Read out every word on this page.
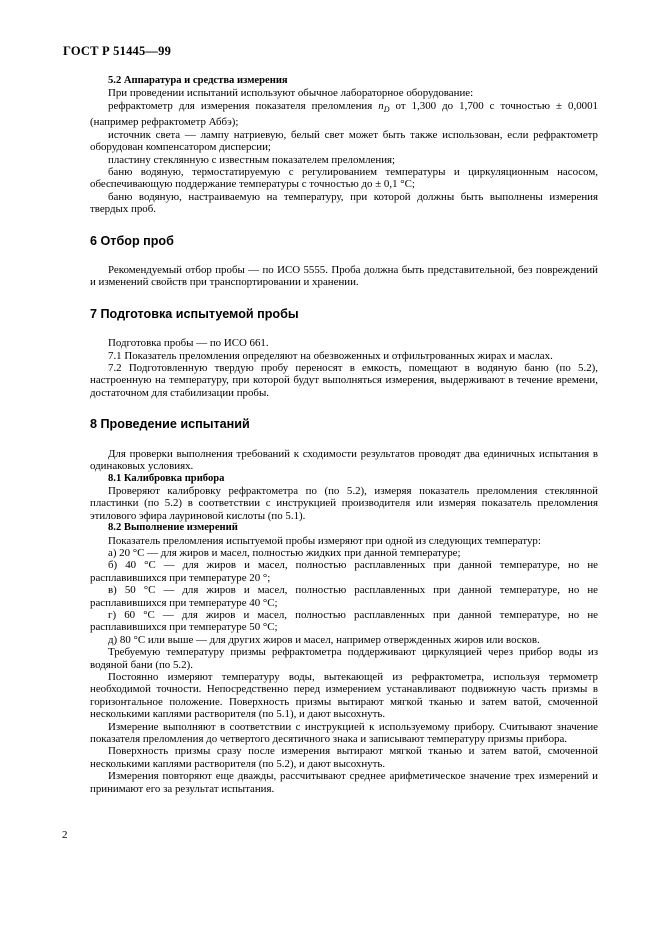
ГОСТ Р 51445—99

5.2 Аппаратура и средства измерения

При проведении испытаний используют обычное лабораторное оборудование:

рефрактометр для измерения показателя преломления $n_D$ от 1,300 до 1,700 с точностью ± 0,0001 (например рефрактометр Аббэ);

источник света — лампу натриевую, белый свет может быть также использован, если рефрактометр оборудован компенсатором дисперсии;

пластину стеклянную с известным показателем преломления;

баню водяную, термостатируемую с регулированием температуры и циркуляционным насосом, обеспечивающую поддержание температуры с точностью до ± 0,1 °С;

баню водяную, настраиваемую на температуру, при которой должны быть выполнены измерения твердых проб.

6 Отбор проб

Рекомендуемый отбор пробы — по ИСО 5555. Проба должна быть представительной, без повреждений и изменений свойств при транспортировании и хранении.

7 Подготовка испытуемой пробы

Подготовка пробы — по ИСО 661.

7.1 Показатель преломления определяют на обезвоженных и отфильтрованных жирах и маслах.

7.2 Подготовленную твердую пробу переносят в емкость, помещают в водяную баню (по 5.2), настроенную на температуру, при которой будут выполняться измерения, выдерживают в течение времени, достаточном для стабилизации пробы.

8 Проведение испытаний

Для проверки выполнения требований к сходимости результатов проводят два единичных испытания в одинаковых условиях.

8.1 Калибровка прибора

Проверяют калибровку рефрактометра по (по 5.2), измеряя показатель преломления стеклянной пластинки (по 5.2) в соответствии с инструкцией производителя или измеряя показатель преломления этилового эфира лауриновой кислоты (по 5.1).

8.2 Выполнение измерений

Показатель преломления испытуемой пробы измеряют при одной из следующих температур:

а) 20 °С — для жиров и масел, полностью жидких при данной температуре;

б) 40 °С — для жиров и масел, полностью расплавленных при данной температуре, но не расплавившихся при температуре 20 °;

в) 50 °С — для жиров и масел, полностью расплавленных при данной температуре, но не расплавившихся при температуре 40 °С;

г) 60 °С — для жиров и масел, полностью расплавленных при данной температуре, но не расплавившихся при температуре 50 °С;

д) 80 °С или выше — для других жиров и масел, например отвержденных жиров или восков.

Требуемую температуру призмы рефрактометра поддерживают циркуляцией через прибор воды из водяной бани (по 5.2).

Постоянно измеряют температуру воды, вытекающей из рефрактометра, используя термометр необходимой точности. Непосредственно перед измерением устанавливают подвижную часть призмы в горизонтальное положение. Поверхность призмы вытирают мягкой тканью и затем ватой, смоченной несколькими каплями растворителя (по 5.1), и дают высохнуть.

Измерение выполняют в соответствии с инструкцией к используемому прибору. Считывают значение показателя преломления до четвертого десятичного знака и записывают температуру призмы прибора.

Поверхность призмы сразу после измерения вытирают мягкой тканью и затем ватой, смоченной несколькими каплями растворителя (по 5.2), и дают высохнуть.

Измерения повторяют еще дважды, рассчитывают среднее арифметическое значение трех измерений и принимают его за результат испытания.

2
